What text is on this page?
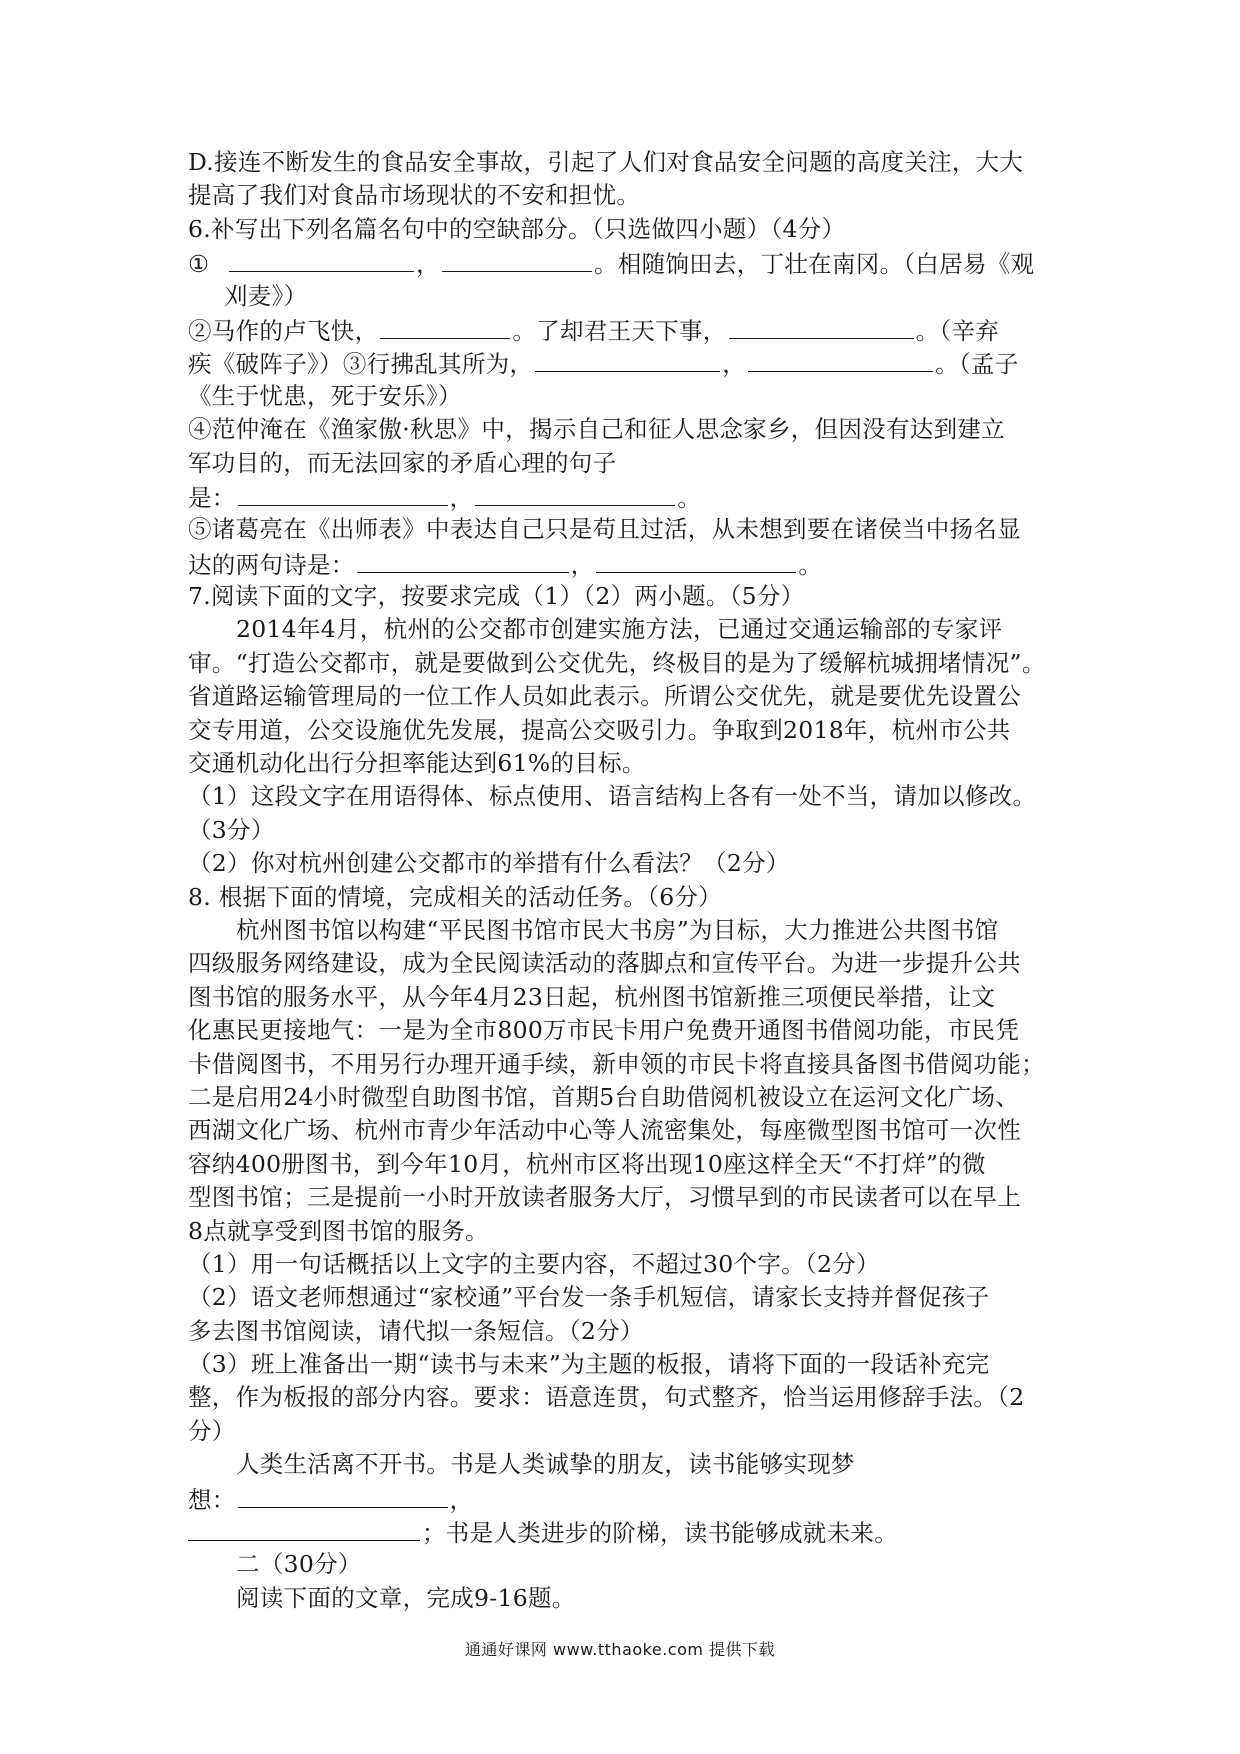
D.接连不断发生的食品安全事故，引起了人们对食品安全问题的高度关注，大大
提高了我们对食品市场现状的不安和担忧。
6.补写出下列名篇名句中的空缺部分。（只选做四小题）（4分）
①	，	。相随饷田去，丁壮在南冈。（白居易《观
刈麦》）
②马作的卢飞快，	。了却君王天下事，	。（辛弃
疾《破阵子》）③行拂乱其所为，	，	。（孟子
《生于忧患，死于安乐》）
④范仲淹在《渔家傲·秋思》中，揭示自己和征人思念家乡，但因没有达到建立
军功目的，而无法回家的矛盾心理的句子
是：	，	。
⑤诸葛亮在《出师表》中表达自己只是苟且过活，从未想到要在诸侯当中扬名显
达的两句诗是：	，	。
7.阅读下面的文字，按要求完成（1）（2）两小题。（5分）
2014年4月，杭州的公交都市创建实施方法，已通过交通运输部的专家评
审。“打造公交都市，就是要做到公交优先，终极目的是为了缓解杭城拥堵情况”。
省道路运输管理局的一位工作人员如此表示。所谓公交优先，就是要优先设置公
交专用道，公交设施优先发展，提高公交吸引力。争取到2018年，杭州市公共
交通机动化出行分担率能达到61%的目标。
（1）这段文字在用语得体、标点使用、语言结构上各有一处不当，请加以修改。
（3分）
（2）你对杭州创建公交都市的举措有什么看法？（2分）
8. 根据下面的情境，完成相关的活动任务。（6分）
杭州图书馆以构建“平民图书馆市民大书房”为目标，大力推进公共图书馆
四级服务网络建设，成为全民阅读活动的落脚点和宣传平台。为进一步提升公共
图书馆的服务水平，从今年4月23日起，杭州图书馆新推三项便民举措，让文
化惠民更接地气：一是为全市800万市民卡用户免费开通图书借阅功能，市民凭
卡借阅图书，不用另行办理开通手续，新申领的市民卡将直接具备图书借阅功能；
二是启用24小时微型自助图书馆，首期5台自助借阅机被设立在运河文化广场、
西湖文化广场、杭州市青少年活动中心等人流密集处，每座微型图书馆可一次性
容纳400册图书，到今年10月，杭州市区将出现10座这样全天“不打烊”的微
型图书馆；三是提前一小时开放读者服务大厅，习惯早到的市民读者可以在早上
8点就享受到图书馆的服务。
（1）用一句话概括以上文字的主要内容，不超过30个字。（2分）
（2）语文老师想通过“家校通”平台发一条手机短信，请家长支持并督促孩子
多去图书馆阅读，请代拟一条短信。（2分）
（3）班上准备出一期“读书与未来”为主题的板报，请将下面的一段话补充完
整，作为板报的部分内容。要求：语意连贯，句式整齐，恰当运用修辞手法。（2
分）
人类生活离不开书。书是人类诚挚的朋友，读书能够实现梦
想：	，
；书是人类进步的阶梯，读书能够成就未来。
二（30分）
阅读下面的文章，完成9-16题。
通通好课网 www.tthaoke.com 提供下载
